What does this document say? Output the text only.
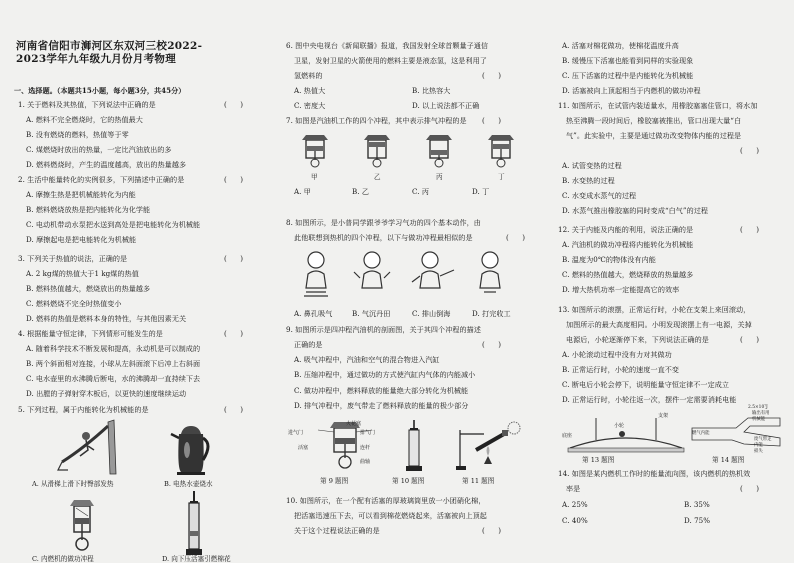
河南省信阳市浉河区东双河三校2022-
2023学年九年级九月份月考物理
一、选择题。（本题共15小题，每小题3分，共45分）
1. 关于燃料及其热值，下列说法中正确的是	(      )
A. 燃料不完全燃烧时，它的热值最大
B. 没有燃烧的燃料，热值等于零
C. 煤燃烧时放出的热量，一定比汽油放出的多
D. 燃料燃烧时，产生的温度越高，放出的热量越多
2. 生活中能量转化的实例很多，下列描述中正确的是	(      )
A. 摩擦生热是把机械能转化为内能
B. 燃料燃烧放热是把内能转化为化学能
C. 电动机带动水泵把水送到高处是把电能转化为机械能
D. 摩擦起电是把电能转化为机械能
3. 下列关于热值的说法，正确的是	(      )
A. 2 kg煤的热值大于1 kg煤的热值
B. 燃料热值越大，燃烧放出的热量越多
C. 燃料燃烧不完全时热值变小
D. 燃料的热值是燃料本身的特性，与其他因素无关
4. 根据能量守恒定律，下列情形可能发生的是	(      )
A. 随着科学技术不断发展和提高，永动机是可以制成的
B. 两个斜面相对连接，小球从左斜面滚下后冲上右斜面
C. 电水壶里的水沸腾后断电，水的沸腾却一直持续下去
D. 出膛的子弹射穿木板后，以更快的速度继续运动
5. 下列过程，属于内能转化为机械能的是	(      )
A. 从滑梯上滑下时臀部发热	B. 电热水壶烧水
C. 内燃机的做功冲程	D. 向下压活塞引燃棉花
6. 图中央电视台《新闻联播》报道，我国发射全球首颗量子通信
卫星，发射卫星的火箭使用的燃料主要是液态氢，这是利用了
氢燃料的	(      )
A. 热值大	B. 比热容大
C. 密度大	D. 以上说法都不正确
7. 如图是汽油机工作的四个冲程，其中表示排气冲程的是 (      )
甲	乙	丙	丁
A. 甲	B. 乙	C. 丙	D. 丁
8. 如图所示，是小普同学跟爷爷学习气功的四个基本动作，由
此他联想到热机的四个冲程，以下与做功冲程最相似的是	(      )
A. 鼻孔吸气	B. 气沉丹田	C. 排山倒海	D. 打完收工
9. 如图所示是四冲程汽油机的剖面图，关于其四个冲程的描述
正确的是	(      )
A. 吸气冲程中，汽油和空气的混合物进入汽缸
B. 压缩冲程中，通过做功的方式使汽缸内气体的内能减小
C. 做功冲程中，燃料释放的能量绝大部分转化为机械能
D. 排气冲程中，废气带走了燃料释放的能量的极少部分
火花塞
进气门	排气门
活塞	连杆
曲轴
第 9 题图	第 10 题图	第 11 题图
10. 如图所示，在一个配有活塞的厚玻璃筒里放一小团硝化棉，
把活塞迅速压下去，可以看到棉花燃烧起来，活塞被向上顶起
关于这个过程说法正确的是	(      )
A. 活塞对棉花做功，使棉花温度升高
B. 缓慢压下活塞也能看到同样的实验现象
C. 压下活塞的过程中是内能转化为机械能
D. 活塞被向上顶起相当于内燃机的做功冲程
11. 如图所示，在试管内装适量水，用橡胶塞塞住管口，将水加
热至沸腾一段时间后，橡胶塞被推出，管口出现大量“白
气”。此实验中，主要是通过做功改变物体内能的过程是
(      )
A. 试管变热的过程
B. 水变热的过程
C. 水变成水蒸气的过程
D. 水蒸气推出橡胶塞的同时变成“白气”的过程
12. 关于内能及内能的利用，说法正确的是	(      )
A. 汽油机的做功冲程将内能转化为机械能
B. 温度为0℃的物体没有内能
C. 燃料的热值越大，燃烧释放的热量越多
D. 增大热机功率一定能提高它的效率
13. 如图所示的滚摆，正常运行时，小轮在支架上来回滚动，
加图所示的最大高度相同。小明发现滚摆上有一电源，关掉
电源后，小轮逐渐停下来，下列说法正确的是	(      )
A. 小轮滚动过程中没有力对其做功
B. 正常运行时，小轮的速度一直不变
C. 断电后小轮会停下，说明能量守恒定律不一定成立
D. 正常运行时，小轮往返一次，摆件一定需要消耗电能
底座
小轮
支架
燃气内能
机械能
输出有用
2.5×10⁷J
废气带走
内能
损失
第 13 题图	第 14 题图
14. 如图是某内燃机工作时的能量流向图，该内燃机的热机效
率是	(      )
A. 25%	B. 35%
C. 40%	D. 75%
